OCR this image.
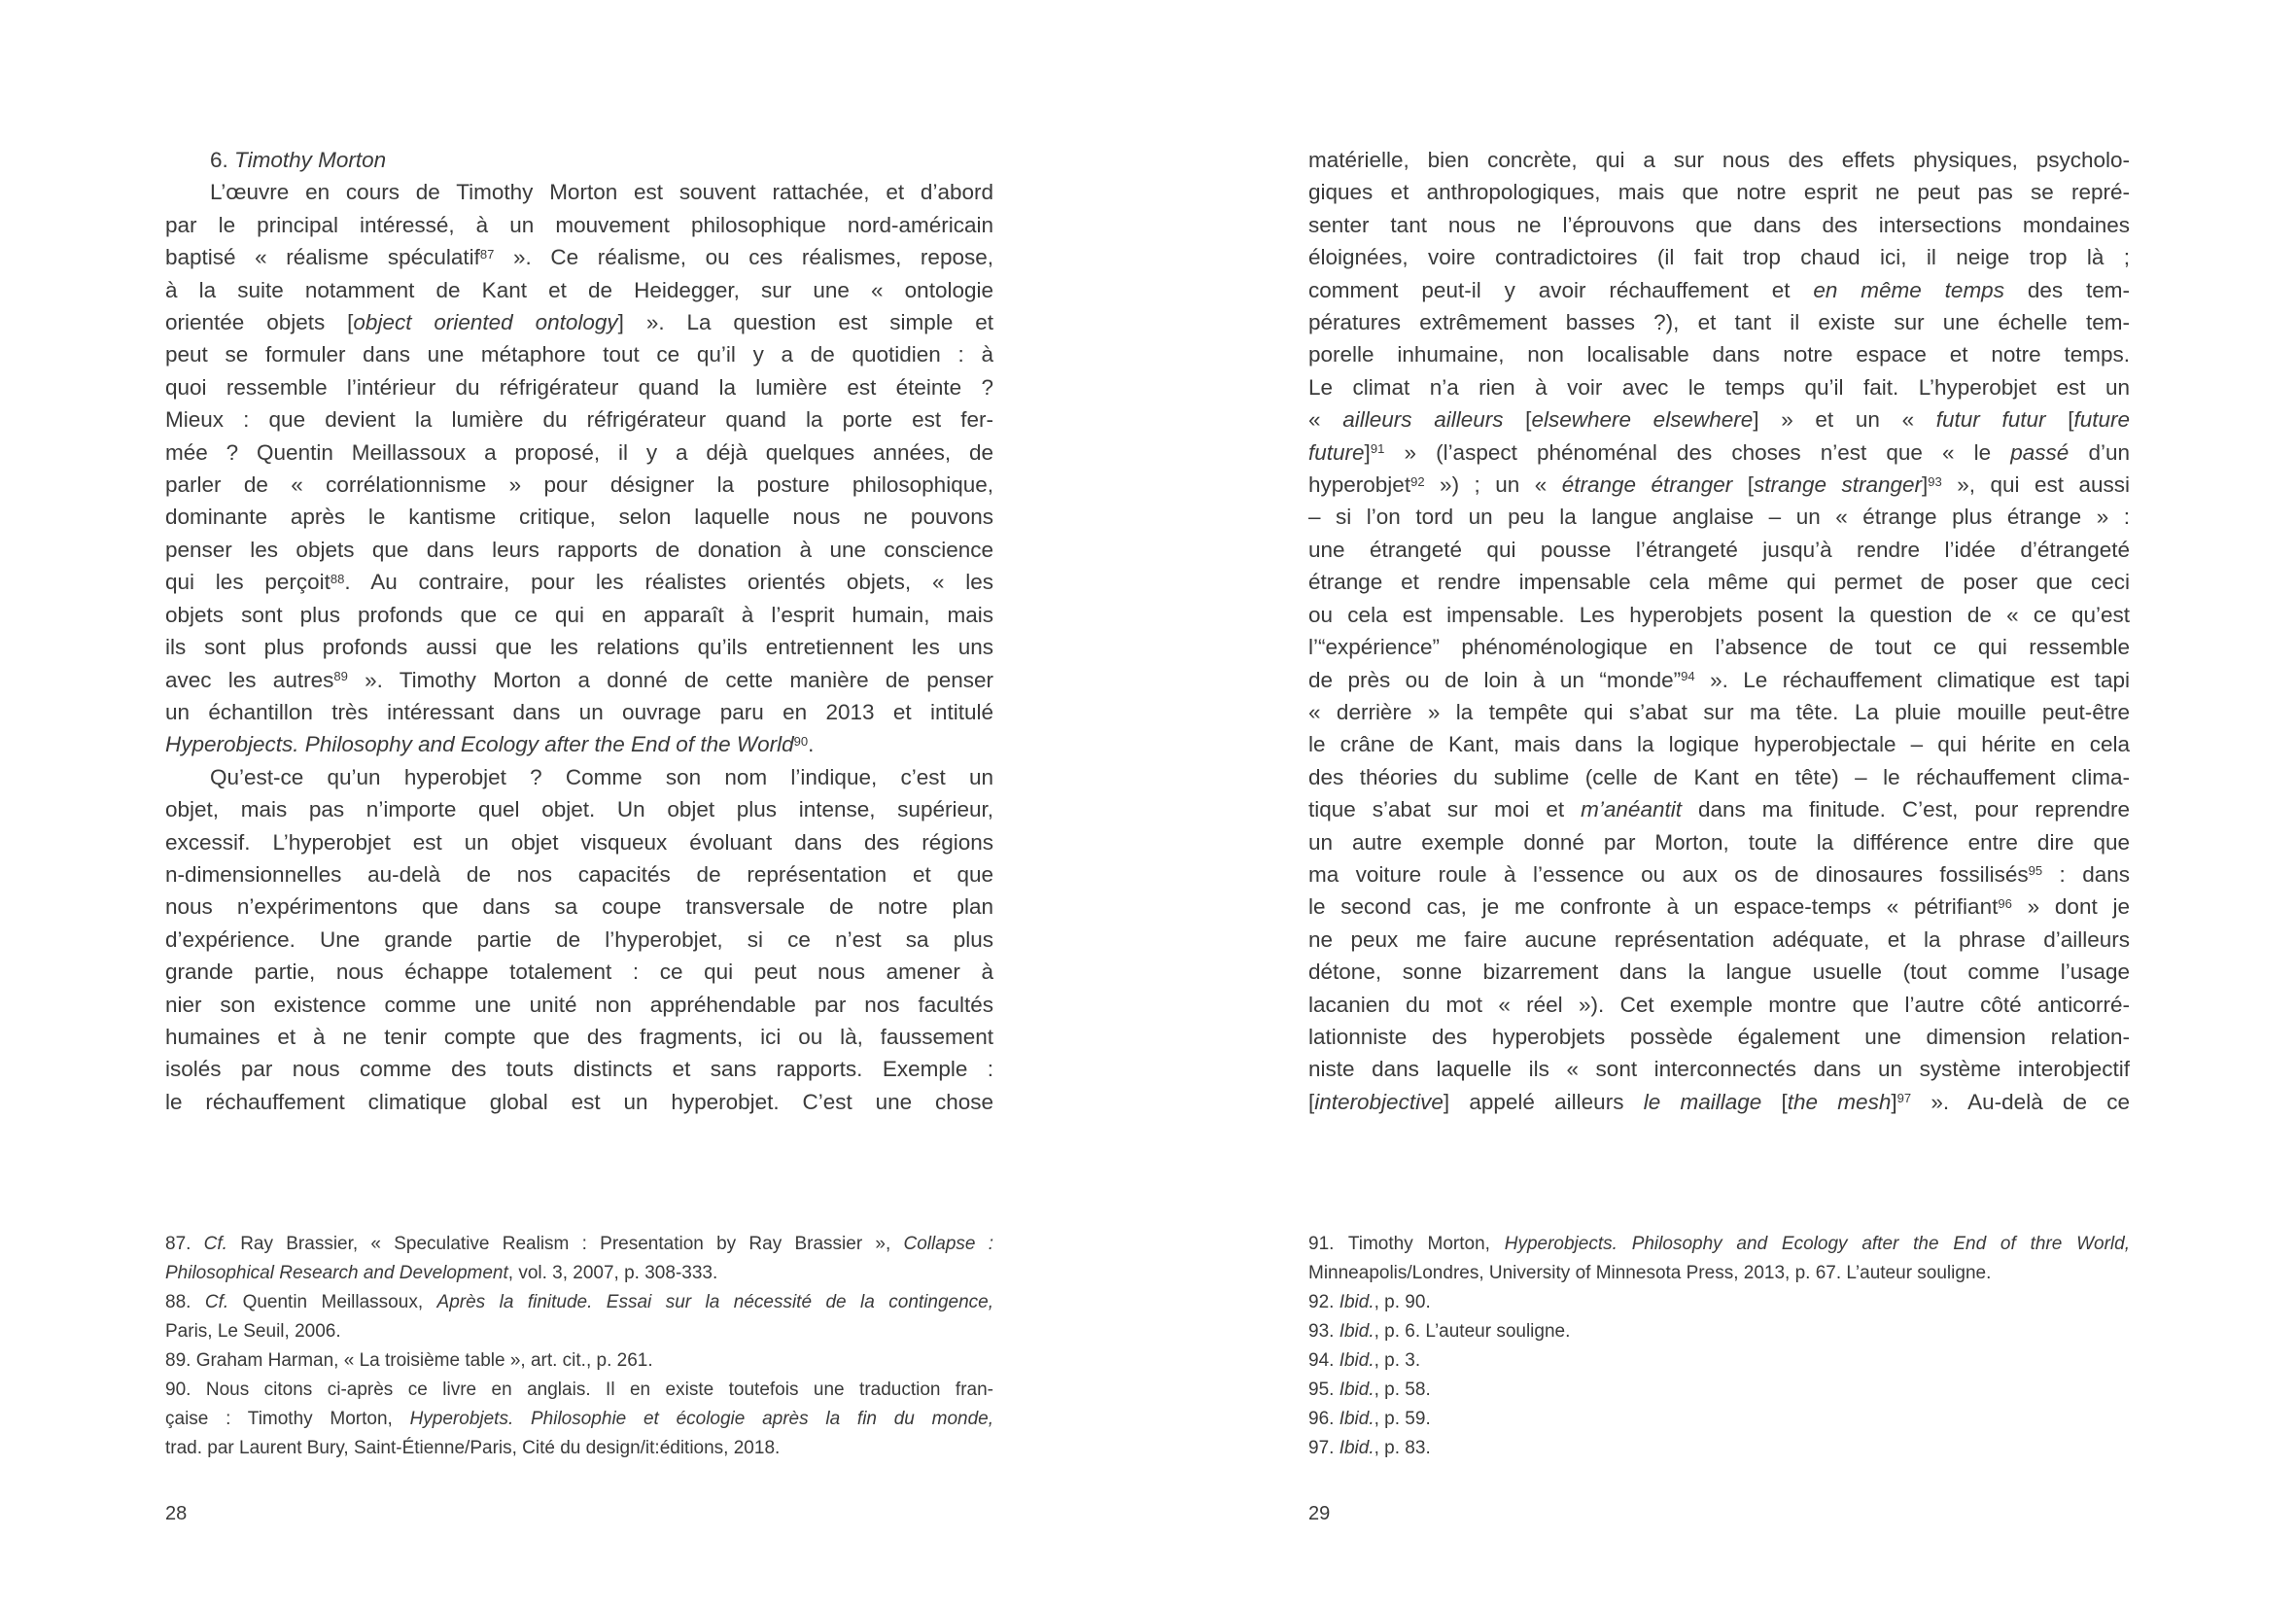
6. Timothy Morton
L’œuvre en cours de Timothy Morton est souvent rattachée, et d’abord
par le principal intéressé, à un mouvement philosophique nord-américain
baptisé « réalisme spéculatif$^{87}$ ». Ce réalisme, ou ces réalismes, repose,
à la suite notamment de Kant et de Heidegger, sur une « ontologie
orientée objets [object oriented ontology] ». La question est simple et
peut se formuler dans une métaphore tout ce qu’il y a de quotidien : à
quoi ressemble l’intérieur du réfrigérateur quand la lumière est éteinte ?
Mieux : que devient la lumière du réfrigérateur quand la porte est fer-
mée ? Quentin Meillassoux a proposé, il y a déjà quelques années, de
parler de « corrélationnisme » pour désigner la posture philosophique,
dominante après le kantisme critique, selon laquelle nous ne pouvons
penser les objets que dans leurs rapports de donation à une conscience
qui les perçoit$^{88}$. Au contraire, pour les réalistes orientés objets, « les
objets sont plus profonds que ce qui en apparaît à l’esprit humain, mais
ils sont plus profonds aussi que les relations qu’ils entretiennent les uns
avec les autres$^{89}$ ». Timothy Morton a donné de cette manière de penser
un échantillon très intéressant dans un ouvrage paru en 2013 et intitulé
Hyperobjects. Philosophy and Ecology after the End of the World$^{90}$.
Qu’est-ce qu’un hyperobjet ? Comme son nom l’indique, c’est un
objet, mais pas n’importe quel objet. Un objet plus intense, supérieur,
excessif. L’hyperobjet est un objet visqueux évoluant dans des régions
n-dimensionnelles au-delà de nos capacités de représentation et que
nous n’expérimentons que dans sa coupe transversale de notre plan
d’expérience. Une grande partie de l’hyperobjet, si ce n’est sa plus
grande partie, nous échappe totalement : ce qui peut nous amener à
nier son existence comme une unité non appréhendable par nos facultés
humaines et à ne tenir compte que des fragments, ici ou là, faussement
isolés par nous comme des touts distincts et sans rapports. Exemple :
le réchauffement climatique global est un hyperobjet. C’est une chose
87. Cf. Ray Brassier, « Speculative Realism : Presentation by Ray Brassier », Collapse :
Philosophical Research and Development, vol. 3, 2007, p. 308-333.
88. Cf. Quentin Meillassoux, Après la finitude. Essai sur la nécessité de la contingence,
Paris, Le Seuil, 2006.
89. Graham Harman, « La troisième table », art. cit., p. 261.
90. Nous citons ci-après ce livre en anglais. Il en existe toutefois une traduction fran-
çaise : Timothy Morton, Hyperobjets. Philosophie et écologie après la fin du monde,
trad. par Laurent Bury, Saint-Étienne/Paris, Cité du design/it:éditions, 2018.
28
matérielle, bien concrète, qui a sur nous des effets physiques, psycholo-
giques et anthropologiques, mais que notre esprit ne peut pas se repré-
senter tant nous ne l’éprouvons que dans des intersections mondaines
éloignées, voire contradictoires (il fait trop chaud ici, il neige trop là ;
comment peut-il y avoir réchauffement et en même temps des tem-
pératures extrêmement basses ?), et tant il existe sur une échelle tem-
porelle inhumaine, non localisable dans notre espace et notre temps.
Le climat n’a rien à voir avec le temps qu’il fait. L’hyperobjet est un
« ailleurs ailleurs [elsewhere elsewhere] » et un « futur futur [future
future]$^{91}$ » (l’aspect phénoménal des choses n’est que « le passé d’un
hyperobjet$^{92}$ ») ; un « étrange étranger [strange stranger]$^{93}$ », qui est aussi
– si l’on tord un peu la langue anglaise – un « étrange plus étrange » :
une étrangeté qui pousse l’étrangeté jusqu’à rendre l’idée d’étrangeté
étrange et rendre impensable cela même qui permet de poser que ceci
ou cela est impensable. Les hyperobjets posent la question de « ce qu’est
l’“expérience” phénoménologique en l’absence de tout ce qui ressemble
de près ou de loin à un “monde”$^{94}$ ». Le réchauffement climatique est tapi
« derrière » la tempête qui s’abat sur ma tête. La pluie mouille peut-être
le crâne de Kant, mais dans la logique hyperobjectale – qui hérite en cela
des théories du sublime (celle de Kant en tête) – le réchauffement clima-
tique s’abat sur moi et m’anéantit dans ma finitude. C’est, pour reprendre
un autre exemple donné par Morton, toute la différence entre dire que
ma voiture roule à l’essence ou aux os de dinosaures fossilisés$^{95}$ : dans
le second cas, je me confronte à un espace-temps « pétrifiant$^{96}$ » dont je
ne peux me faire aucune représentation adéquate, et la phrase d’ailleurs
détone, sonne bizarrement dans la langue usuelle (tout comme l’usage
lacanien du mot « réel »). Cet exemple montre que l’autre côté anticorré-
lationniste des hyperobjets possède également une dimension relation-
niste dans laquelle ils « sont interconnectés dans un système interobjectif
[interobjective] appelé ailleurs le maillage [the mesh]$^{97}$ ». Au-delà de ce
91. Timothy Morton, Hyperobjects. Philosophy and Ecology after the End of thre World,
Minneapolis/Londres, University of Minnesota Press, 2013, p. 67. L’auteur souligne.
92. Ibid., p. 90.
93. Ibid., p. 6. L’auteur souligne.
94. Ibid., p. 3.
95. Ibid., p. 58.
96. Ibid., p. 59.
97. Ibid., p. 83.
29
